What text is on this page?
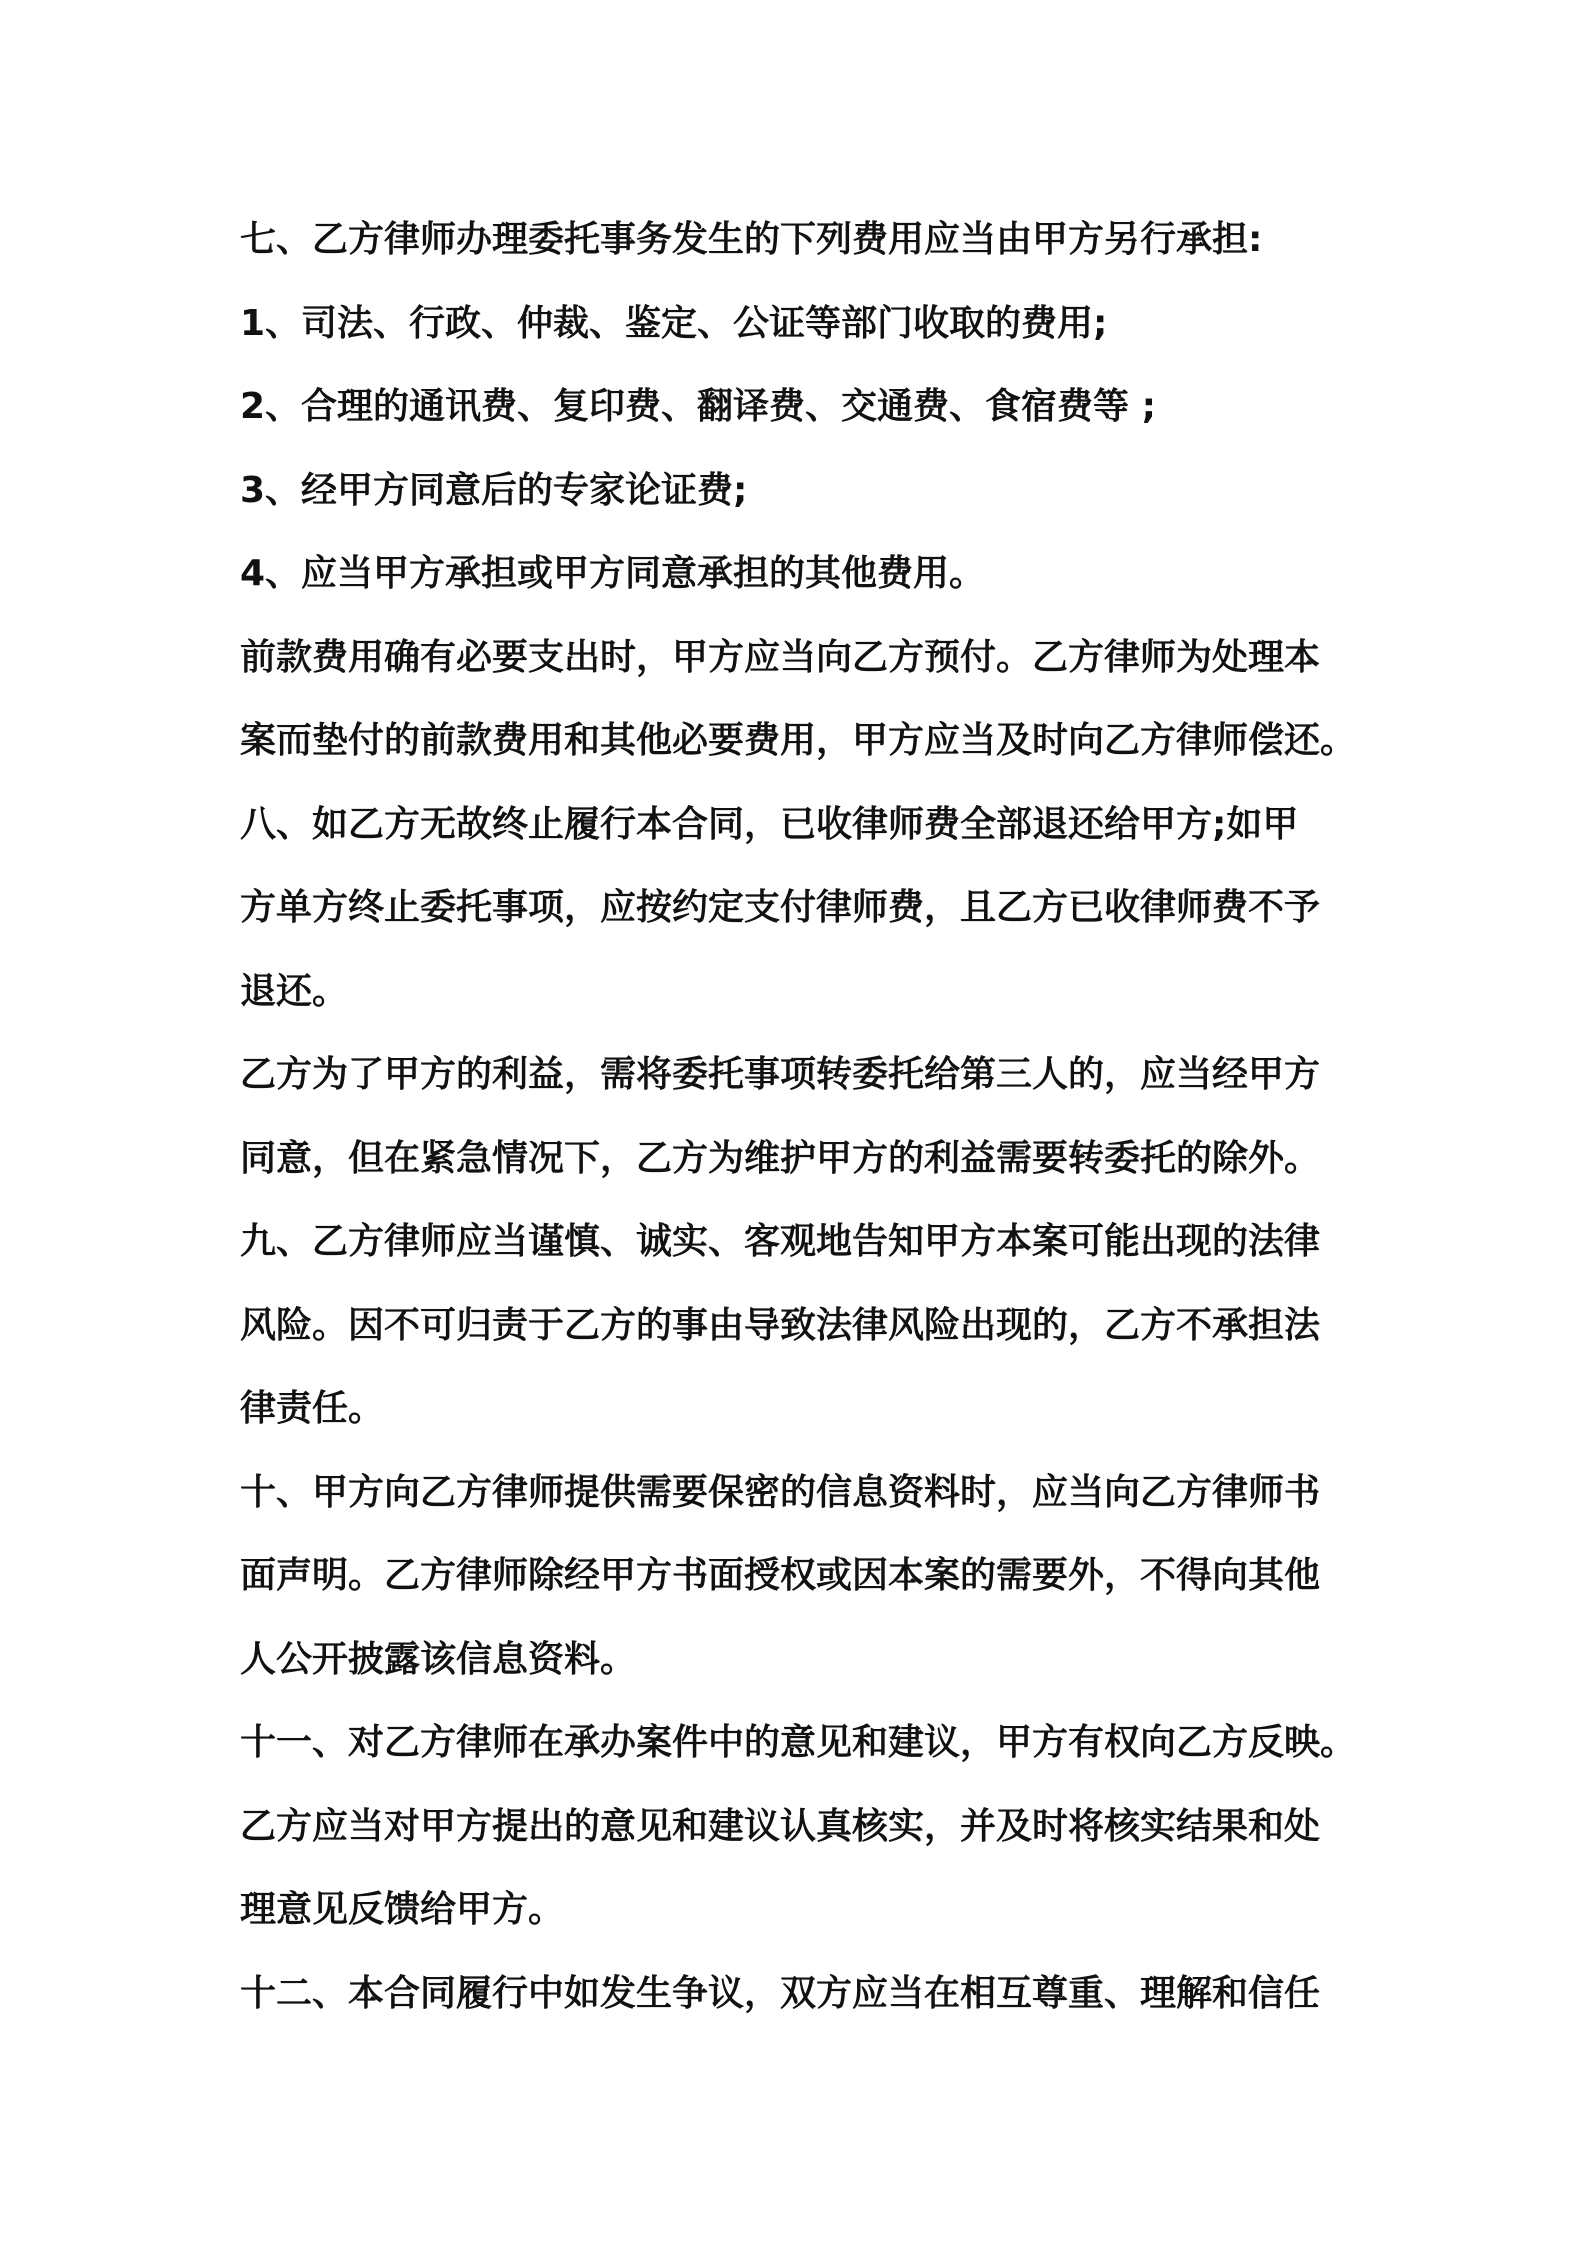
七、乙方律师办理委托事务发生的下列费用应当由甲方另行承担:
1、司法、行政、仲裁、鉴定、公证等部门收取的费用;
2、合理的通讯费、复印费、翻译费、交通费、食宿费等 ;
3、经甲方同意后的专家论证费;
4、应当甲方承担或甲方同意承担的其他费用。
前款费用确有必要支出时，甲方应当向乙方预付。乙方律师为处理本
案而垫付的前款费用和其他必要费用，甲方应当及时向乙方律师偿还。
八、如乙方无故终止履行本合同，已收律师费全部退还给甲方;如甲
方单方终止委托事项，应按约定支付律师费，且乙方已收律师费不予
退还。
乙方为了甲方的利益，需将委托事项转委托给第三人的，应当经甲方
同意，但在紧急情况下，乙方为维护甲方的利益需要转委托的除外。
九、乙方律师应当谨慎、诚实、客观地告知甲方本案可能出现的法律
风险。因不可归责于乙方的事由导致法律风险出现的，乙方不承担法
律责任。
十、甲方向乙方律师提供需要保密的信息资料时，应当向乙方律师书
面声明。乙方律师除经甲方书面授权或因本案的需要外，不得向其他
人公开披露该信息资料。
十一、对乙方律师在承办案件中的意见和建议，甲方有权向乙方反映。
乙方应当对甲方提出的意见和建议认真核实，并及时将核实结果和处
理意见反馈给甲方。
十二、本合同履行中如发生争议，双方应当在相互尊重、理解和信任
